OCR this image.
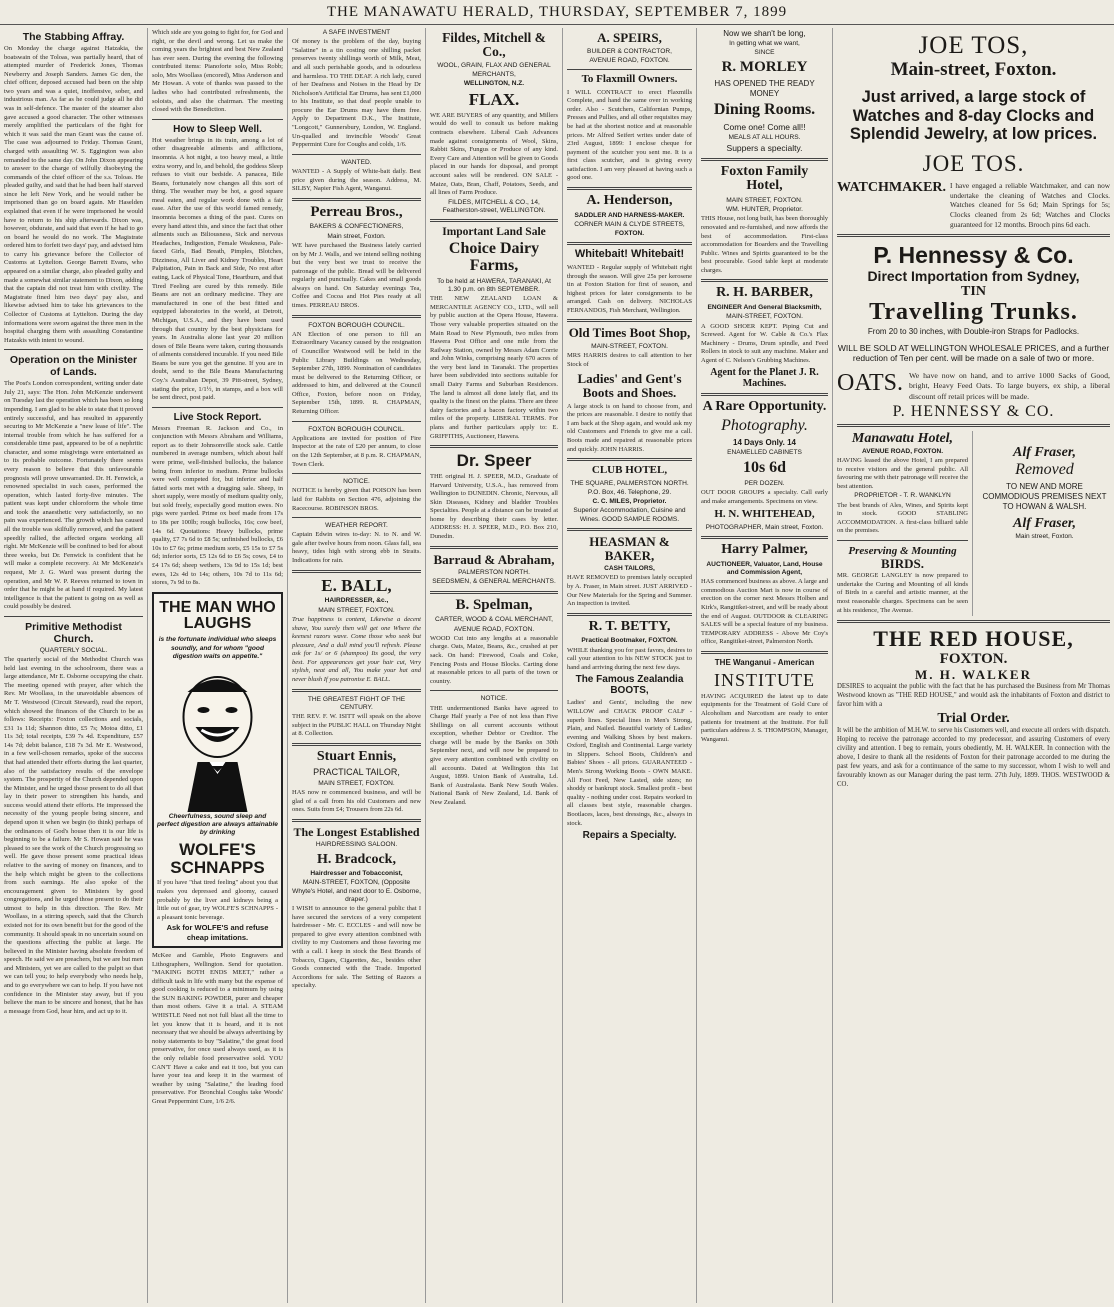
THE MANAWATU HERALD, THURSDAY, SEPTEMBER 7, 1899
The Stabbing Affray.
On Monday the charge against Hatzakia, the boatswain of the Toloas, was partially heard, that of attempted murder of Frederick Jones, Thomas Newberry and Joseph Sanders. James Gc den, the chief officer, deposed accused had been on the ship two years and was a quiet, inoffensive, sober, and industrious man. As far as he could judge all he did was in self-defence. The master of the steamer also gave accused a good character. The other witnesses merely amplified the particulars of the fight for which it was said the man Grant was the cause of. The case was adjourned to Friday. Thomas Grant, charged with assaulting W. S. Eggington was also remanded to the same day. On John Dixon appearing to answer to the charge of wilfully disobeying the commands of the chief officer of the s.s. Toloas. He pleaded guilty, and said that he had been half starved since he left New York, and he would rather be imprisoned than go on board again. Mr Haselden explained that even if he were imprisoned he would have to return to his ship afterwards. Dixon was, however, obdurate, and said that even if he had to go on board he would do no work. The Magistrate ordered him to forfeit two days' pay, and advised him to carry his grievance before the Collector of Customs at Lyttelton. George Barrett Evans, who appeared on a similar charge, also pleaded guilty and made a somewhat similar statement to Dixon, adding that the captain did not treat him with civility. The Magistrate fined him two days' pay also, and likewise advised him to take his grievances to the Collector of Customs at Lyttelton. During the day informations were sworn against the three men in the hospital charging them with assaulting Constantine Hatzakis with intent to wound.
Operation on the Minister of Lands.
The Post's London correspondent, writing under date July 21, says: The Hon. John McKenzie underwent on Tuesday last the operation which has been so long impending. I am glad to be able to state that it proved entirely successful, and has resulted in apparently securing to Mr McKenzie a "new lease of life". The internal trouble from which he has suffered for a considerable time past, appeared to be of a nephritic character, and some misgivings were entertained as to its probable outcome. Fortunately there seems every reason to believe that this unfavourable prognosis will prove unwarranted. Dr. H. Fenwick, a renowned specialist in such cases, performed the operation, which lasted forty-five minutes. The patient was kept under chloroform the whole time and took the anaesthetic very satisfactorily, so no pain was experienced. The growth which has caused all the trouble was skilfully removed, and the patient speedily rallied, the affected organs working all right. Mr McKenzie will be confined to bed for about three weeks, but Dr. Fenwick is confident that he will make a complete recovery. At Mr McKenzie's request, Mr J. G. Ward was present during the operation, and Mr W. P. Reeves returned to town in order that he might be at hand if required. My latest intelligence is that the patient is going on as well as could possibly be desired.
Primitive Methodist Church.
QUARTERLY SOCIAL.
The quarterly social of the Methodist Church was held last evening in the schoolroom, there was a large attendance, Mr E. Osborne occupying the chair. The meeting opened with prayer, after which the Rev. Mr Woollass, in the unavoidable absences of Mr T. Westwood (Circuit Steward), read the report, which showed the finances of the Church to be as follows: Receipts: Foxton collections and socials, £31 1s 11d; Shannon ditto, £5 7s; Motoa ditto, £1 11s 3d; total receipts, £39 7s 4d. Expenditure, £57 14s 7d; debit balance, £18 7s 3d. Mr E. Westwood, in a few well-chosen remarks, spoke of the success that had attended their efforts during the last quarter, also of the satisfactory results of the envelope system. The prosperity of the Church depended upon the Minister, and he urged those present to do all that lay in their power to strengthen his hands, and success would attend their efforts. He impressed the necessity of the young people being sincere, and depend upon it when we begin (to think) perhaps of the ordinances of God's house then it is our life is beginning to be a failure. Mr S. Howan said he was pleased to see the work of the Church progressing so well. He gave those present some practical ideas relative to the saving of money on finances, and to the help which might be given to the collections from such earnings. He also spoke of the encouragement given to Ministers by good congregations, and he urged those present to do their utmost to help in this direction. The Rev. Mr Woollass, in a stirring speech, said that the Church existed not for its own benefit but for the good of the community. It should speak in no uncertain sound on the questions affecting the public at large. He believed in the Minister having absolute freedom of speech. He said we are preachers, but we are but men and Ministers, yet we are called to the pulpit so that we can tell you; to help everybody who needs help, and to go everywhere we can to help. If you have not confidence in the Minister stay away, but if you believe the man to be sincere and honest, that he has a message from God, hear him, and act up to it.
Which side are you going to fight for, for God and right, or the devil and wrong. Let us make the coming years the brightest and best New Zealand has ever seen. During the evening the following contributed items: Pianoforte solo, Miss Robb; solo, Mrs Woollass (encored), Miss Anderson and Mr Howan. A vote of thanks was passed to the ladies who had contributed refreshments, the soloists, and also the chairman. The meeting closed with the Benediction.
How to Sleep Well.
Hot weather brings in its train, among a lot of other disagreeable ailments and afflictions, insomnia. A hot night, a too heavy meal, a little extra worry, and lo, and behold, the goddess Sleep refuses to visit our bedside. A panacea, Bile Beans, fortunately now changes all this sort of thing. The weather may be hot, a good square meal eaten, and regular work done with a fair ease. After the use of this world famed remedy, insomnia becomes a thing of the past. Cures on every hand attest this, and since the fact that other ailments such as Biliousness, Sick and nervous Headaches, Indigestion, Female Weakness, Pale-faced Girls, Bad Breath, Pimples, Blotches, Dizziness, All Liver and Kidney Troubles, Heart Palpitation, Pain in Back and Side, No rest after eating, Lack of Physical Tone, Heartburn, and that Tired Feeling are cured by this remedy. Bile Beans are not an ordinary medicine. They are manufactured in one of the best fitted and equipped laboratories in the world, at Detroit, Michigan, U.S.A., and they have been used through that country by the best physicians for years. In Australia alone last year 20 million doses of Bile Beans were taken, curing thousands of ailments considered incurable. If you need Bile Beans be sure you get the genuine. If you are in doubt, send to the Bile Beans Manufacturing Coy.'s Australian Depot, 39 Pitt-street, Sydney, stating the price, 1/1½, in stamps, and a box will be sent direct, post paid.
Live Stock Report.
Messrs Freeman R. Jackson and Co., in conjunction with Messrs Abraham and Williams, report as to their Johnsonville stock sale. Cattle numbered in average numbers, which about half were prime, well-finished bullocks, the balance being from inferior to medium. Prime bullocks were well competed for, but inferior and half fatted sorts met with a dragging sale. Sheep, in short supply, were mostly of medium quality only, but sold freely, especially good mutton ewes. No pigs were yarded. Prime ox beef made from 17s to 18s per 100lb; rough bullocks, 16s; cow beef, 14s 6d. Quotations: Heavy bullocks, prime quality, £7 7s 6d to £8 5s; unfinished bullocks, £6 10s to £7 6s; prime medium sorts, £5 15s to £7 5s 6d; inferior sorts, £5 12s 6d to £6 5s; cows, £4 to £4 17s 6d; sheep wethers, 13s 9d to 15s 1d; best ewes, 12s 4d to 14s; others, 10s 7d to 11s 6d; stores, 7s 9d to 8s.
THE MAN WHO LAUGHS
is the fortunate individual who sleeps soundly, and for whom "good digestion waits on appetite."
Cheerfulness, sound sleep and perfect digestion are always attainable by drinking
WOLFE'S SCHNAPPS
If you have "that tired feeling" about you that makes you depressed and gloomy, caused probably by the liver and kidneys being a little out of gear, try WOLFE'S SCHNAPPS - a pleasant tonic beverage.
Ask for WOLFE'S and refuse cheap imitations.
McKee and Gamble, Photo Engravers and Lithographers, Wellington. Send for quotation. "MAKING BOTH ENDS MEET," rather a difficult task in life with many but the expense of good cooking is reduced to a minimum by using the SUN BAKING POWDER, purer and cheaper than most others. Give it a trial. A STEAM WHISTLE Need not not full blast all the time to let you know that it is heard, and it is not necessary that we should be always advertising by noisy statements to buy "Salatine," the great food preservative, for once used always used, as it is the only reliable food preservative sold. YOU CAN'T Have a cake and eat it too, but you can have your tea and keep it in the warmest of weather by using "Salatine," the leading food preservative. For Bronchial Coughs take Woods' Great Peppermint Cure, 1/6 2/6.
A SAFE INVESTMENT
Of money is the problem of the day, buying "Salatine" in a tin costing one shilling packet preserves twenty shillings worth of Milk, Meat, and all such perishable goods, and is odourless and harmless. TO THE DEAF. A rich lady, cured of her Deafness and Noises in the Head by Dr Nicholson's Artificial Ear Drums, has sent £1,000 to his Institute, so that deaf people unable to procure the Ear Drums may have them free. Apply to Department D.K., The Institute, "Longcott," Gunnersbury, London, W. England. Un-qualled and invincible Woods' Great Peppermint Cure for Coughs and colds, 1/6.
WANTED.
WANTED - A Supply of White-bait daily. Best price given during the season. Address, M. SILBY, Napier Fish Agent, Wanganui.
Perreau Bros.,
BAKERS & CONFECTIONERS,
Main street, Foxton.
WE have purchased the Business lately carried on by Mr J. Walls, and we intend selling nothing but the very best we trust to receive the patronage of the public. Bread will be delivered regularly and punctually. Cakes and small goods always on hand. On Saturday evenings Tea, Coffee and Cocoa and Hot Pies ready at all times. PERREAU BROS.
FOXTON BOROUGH COUNCIL.
AN Election of one person to fill an Extraordinary Vacancy caused by the resignation of Councillor Westwood will be held in the Public Library Buildings on Wednesday, September 27th, 1899. Nomination of candidates must be delivered to the Returning Officer, or addressed to him, and delivered at the Council Office, Foxton, before noon on Friday, September 15th, 1899. R. CHAPMAN, Returning Officer.
FOXTON BOROUGH COUNCIL.
Applications are invited for position of Fire Inspector at the rate of £20 per annum, to close on the 12th September, at 8 p.m. R. CHAPMAN, Town Clerk.
NOTICE.
NOTICE is hereby given that POISON has been laid for Rabbits on Section 476, adjoining the Racecourse. ROBINSON BROS.
WEATHER REPORT.
Captain Edwin wires to-day: N. to N. and W. gale after twelve hours from noon. Glass fall, sea heavy, tides high with strong ebb in Straits. Indications for rain.
E. BALL,
HAIRDRESSER, &c.,
MAIN STREET, FOXTON.
True happiness is content, Likewise a decent shave, You surely then will get one Where the keenest razors wave. Come those who seek but pleasure, And a dull mind you'll refresh. Please ask for 1s/ or 6 (shampoo) Its good, the very best. For appearances get your hair cut, Very stylish, neat and all, You make your hat and never blush If you patronise E. BALL.
THE GREATEST FIGHT OF THE CENTURY.
THE REV. F. W. ISITT will speak on the above subject in the PUBLIC HALL on Thursday Night at 8. Collection.
Stuart Ennis,
PRACTICAL TAILOR,
MAIN STREET, FOXTON.
HAS now re commenced business, and will be glad of a call from his old Customers and new ones. Suits from £4; Trousers from 22s 6d.
The Longest Established
HAIRDRESSING SALOON.
H. Bradcock,
Hairdresser and Tobacconist,
MAIN-STREET, FOXTON, (Opposite Whyte's Hotel, and next door to E. Osborne, draper.)
I WISH to announce to the general public that I have secured the services of a very competent hairdresser - Mr. C. ECCLES - and will now be prepared to give every attention combined with civility to my Customers and those favoring me with a call. I keep in stock the Best Brands of Tobacco, Cigars, Cigarettes, &c., besides other Goods connected with the Trade. Imported Accordions for sale. The Setting of Razors a specialty.
Fildes, Mitchell & Co.,
WOOL, GRAIN, FLAX AND GENERAL MERCHANTS,
WELLINGTON, N.Z.
FLAX.
WE ARE BUYERS of any quantity, and Millers would do well to consult us before making contracts elsewhere. Liberal Cash Advances made against consignments of Wool, Skins, Rabbit Skins, Fungus or Produce of any kind. Every Care and Attention will be given to Goods placed in our hands for disposal, and prompt account sales will be rendered. ON SALE - Maize, Oats, Bran, Chaff, Potatoes, Seeds, and all lines of Farm Produce.
FILDES, MITCHELL & CO., 14, Featherston-street, WELLINGTON.
Important Land Sale
Choice Dairy Farms,
To be held at HAWERA, TARANAKI, At 1.30 p.m. on 8th SEPTEMBER.
THE NEW ZEALAND LOAN & MERCANTILE AGENCY CO., LTD., will sell by public auction at the Opera House, Hawera. Those very valuable properties situated on the Main Road to New Plymouth, two miles from Hawera Post Office and one mile from the Railway Station, owned by Messrs Adam Corrie and John Winks, comprising nearly 670 acres of the very best land in Taranaki. The properties have been subdivided into sections suitable for small Dairy Farms and Suburban Residences. The land is almost all done lately flat, and its quality is the finest on the plains. There are three dairy factories and a bacon factory within two miles of the property. LIBERAL TERMS. For plans and further particulars apply to: E. GRIFFITHS, Auctioneer, Hawera.
Dr. Speer
THE original H. J. SPEER, M.D., Graduate of Harvard University, U.S.A., has removed from Wellington to DUNEDIN. Chronic, Nervous, all Skin Diseases, Kidney and bladder Troubles Specialties. People at a distance can be treated at home by describing their cases by letter. ADDRESS: H. J. SPEER, M.D., P.O. Box 210, Dunedin.
Barraud & Abraham,
PALMERSTON NORTH.
SEEDSMEN, & GENERAL MERCHANTS.
B. Spelman,
CARTER, WOOD & COAL MERCHANT,
AVENUE ROAD, FOXTON.
WOOD Cut into any lengths at a reasonable charge. Oats, Maize, Beans, &c., crushed at per sack. On hand: Firewood, Coals and Coke, Fencing Posts and House Blocks. Carting done at reasonable prices to all parts of the town or country.
NOTICE.
THE undermentioned Banks have agreed to Charge Half yearly a Fee of not less than Five Shillings on all current accounts without exception, whether Debtor or Creditor. The charge will be made by the Banks on 30th September next, and will now be prepared to give every attention combined with civility on all accounts. Dated at Wellington this 1st August, 1899. Union Bank of Australia, Ld. Bank of Australasia. Bank New South Wales. National Bank of New Zealand, Ld. Bank of New Zealand.
A. SPEIRS,
BUILDER & CONTRACTOR,
AVENUE ROAD, FOXTON.
To Flaxmill Owners.
I WILL CONTRACT to erect Flaxmills Complete, and hand the same over in working order. Also - Scutchers, Californian Pumps, Presses and Pullies, and all other requisites may be had at the shortest notice and at reasonable prices. Mr Alfred Seifert writes under date of 23rd August, 1899: I enclose cheque for payment of the scutcher you sent me. It is a first class scutcher, and is giving every satisfaction. I am very pleased at having such a good one.
A. Henderson,
SADDLER AND HARNESS-MAKER.
CORNER MAIN & CLYDE STREETS,
FOXTON.
Whitebait! Whitebait!
WANTED - Regular supply of Whitebait right through the season. Will give 25s per kerosene tin at Foxton Station for first of season, and highest prices for later consignments to be arranged. Cash on delivery. NICHOLAS FERNANDOS, Fish Merchant, Wellington.
Old Times Boot Shop,
MAIN-STREET, FOXTON.
MRS HARRIS desires to call attention to her Stock of
Ladies' and Gent's Boots and Shoes.
A large stock is on hand to choose from, and the prices are reasonable. I desire to notify that I am back at the Shop again, and would ask my old Customers and Friends to give me a call. Boots made and repaired at reasonable prices and quickly. JOHN HARRIS.
CLUB HOTEL,
THE SQUARE, PALMERSTON NORTH.
P.O. Box, 46. Telephone, 29.
C. C. MILES, Proprietor.
Superior Accommodation, Cuisine and Wines. GOOD SAMPLE ROOMS.
HEASMAN & BAKER,
CASH TAILORS,
HAVE REMOVED to premises lately occupied by A. Fraser, in Main street. JUST ARRIVED - Our New Materials for the Spring and Summer. An inspection is invited.
R. T. BETTY,
Practical Bootmaker, FOXTON.
WHILE thanking you for past favors, desires to call your attention to his NEW STOCK just to hand and arriving during the next few days.
The Famous Zealandia BOOTS,
Ladies' and Gents', including the new WILLOW and CHACK PROOF CALF - superb lines. Special lines in Men's Strong, Plain, and Nailed. Beautiful variety of Ladies' evening and Walking Shoes by best makers. Oxford, English and Continental. Large variety in Slippers. School Boots, Children's and Babies' Shoes - all prices. GUARANTEED - Men's Strong Working Boots - OWN MAKE. All Foot Feed, New Lasted, side sizes; no shoddy or bankrupt stock. Smallest profit - best quality - nothing under cost. Repairs worked in all classes best style, reasonable charges. Bootlaces, laces, best dressings, &c., always in stock.
Repairs a Specialty.
Now we shan't be long,
In getting what we want,
SINCE
R. MORLEY
HAS OPENED THE READY MONEY
Dining Rooms.
Come one! Come all!!
MEALS AT ALL HOURS.
Suppers a specialty.
Foxton Family Hotel,
MAIN STREET, FOXTON.
WM. HUNTER, Proprietor.
THIS House, not long built, has been thoroughly renovated and re-furnished, and now affords the best of accommodation. First-class accommodation for Boarders and the Travelling Public. Wines and Spirits guaranteed to be the best procurable. Good table kept at moderate charges.
R. H. BARBER,
ENGINEER And General Blacksmith,
MAIN-STREET, FOXTON.
A GOOD SHOER KEPT. Piping Cut and Screwed. Agent for W. Cable & Co.'s Flax Machinery - Drums, Drum spindle, and Feed Rollers in stock to suit any machine. Maker and Agent of C. Nelson's Grubbing Machines.
Agent for the Planet J. R. Machines.
A Rare Opportunity.
Photography.
14 Days Only. 14
ENAMELLED CABINETS
10s 6d
PER DOZEN.
OUT DOOR GROUPS a specialty. Call early and make arrangements. Specimens on view.
H. N. WHITEHEAD,
PHOTOGRAPHER, Main street, Foxton.
Harry Palmer,
AUCTIONEER, Valuator, Land, House and Commission Agent,
HAS commenced business as above. A large and commodious Auction Mart is now in course of erection on the corner next Messrs Holben and Kirk's, Rangitikei-street, and will be ready about the end of August. OUTDOOR & CLEARING SALES will be a special feature of my business. TEMPORARY ADDRESS - Above Mr Coy's office, Rangitikei-street, Palmerston North.
THE Wanganui - American
INSTITUTE
HAVING ACQUIRED the latest up to date equipments for the Treatment of Gold Cure of Alcoholism and Narcotism are ready to enter patients for treatment at the Institute. For full particulars address J. S. THOMPSON, Manager, Wanganui.
JOE TOS,
Main-street, Foxton.
Just arrived, a large stock of Watches and 8-day Clocks and Splendid Jewelry, at low prices.
JOE TOS.
WATCHMAKER. I have engaged a reliable Watchmaker, and can now undertake the cleaning of Watches and Clocks. Watches cleaned for 5s 6d; Main Springs for 5s; Clocks cleaned from 2s 6d; Watches and Clocks guaranteed for 12 months. Brooch pins 6d each.
P. Hennessy & Co.
Direct Importation from Sydney,
TIN
Travelling Trunks.
From 20 to 30 inches, with Double-iron Straps for Padlocks.
WILL BE SOLD AT WELLINGTON WHOLESALE PRICES, and a further reduction of Ten per cent. will be made on a sale of two or more.
OATS. We have now on hand, and to arrive 1000 Sacks of Good, bright, Heavy Feed Oats. To large buyers, ex ship, a liberal discount off retail prices will be made.
P. HENNESSY & CO.
Manawatu Hotel,
AVENUE ROAD, FOXTON.
HAVING leased the above Hotel, I am prepared to receive visitors and the general public. All favouring me with their patronage will receive the best attention.
PROPRIETOR - T. R. WANKLYN
The best brands of Ales, Wines, and Spirits kept in stock. GOOD STABLING ACCOMMODATION. A first-class billiard table on the premises.
Preserving & Mounting
BIRDS.
MR. GEORGE LANGLEY is now prepared to undertake the Curing and Mounting of all kinds of Birds in a careful and artistic manner, at the most reasonable charges. Specimens can be seen at his residence, The Avenue.
Alf Fraser,
Removed
TO NEW AND MORE COMMODIOUS PREMISES NEXT TO HOWAN & WALSH.
Alf Fraser,
Main street, Foxton.
THE RED HOUSE,
FOXTON.
M. H. WALKER
DESIRES to acquaint the public with the fact that he has purchased the Business from Mr Thomas Westwood known as "THE RED HOUSE," and would ask the inhabitants of Foxton and district to favor him with a
Trial Order.
It will be the ambition of M.H.W. to serve his Customers well, and execute all orders with dispatch. Hoping to receive the patronage accorded to my predecessor, and assuring Customers of every civility and attention. I beg to remain, yours obediently, M. H. WALKER. In connection with the above, I desire to thank all the residents of Foxton for their patronage accorded to me during the past few years, and ask for a continuance of the same to my successor, whom I wish to well and favourably known as our Manager during the past term. 27th July, 1899. THOS. WESTWOOD & CO.
